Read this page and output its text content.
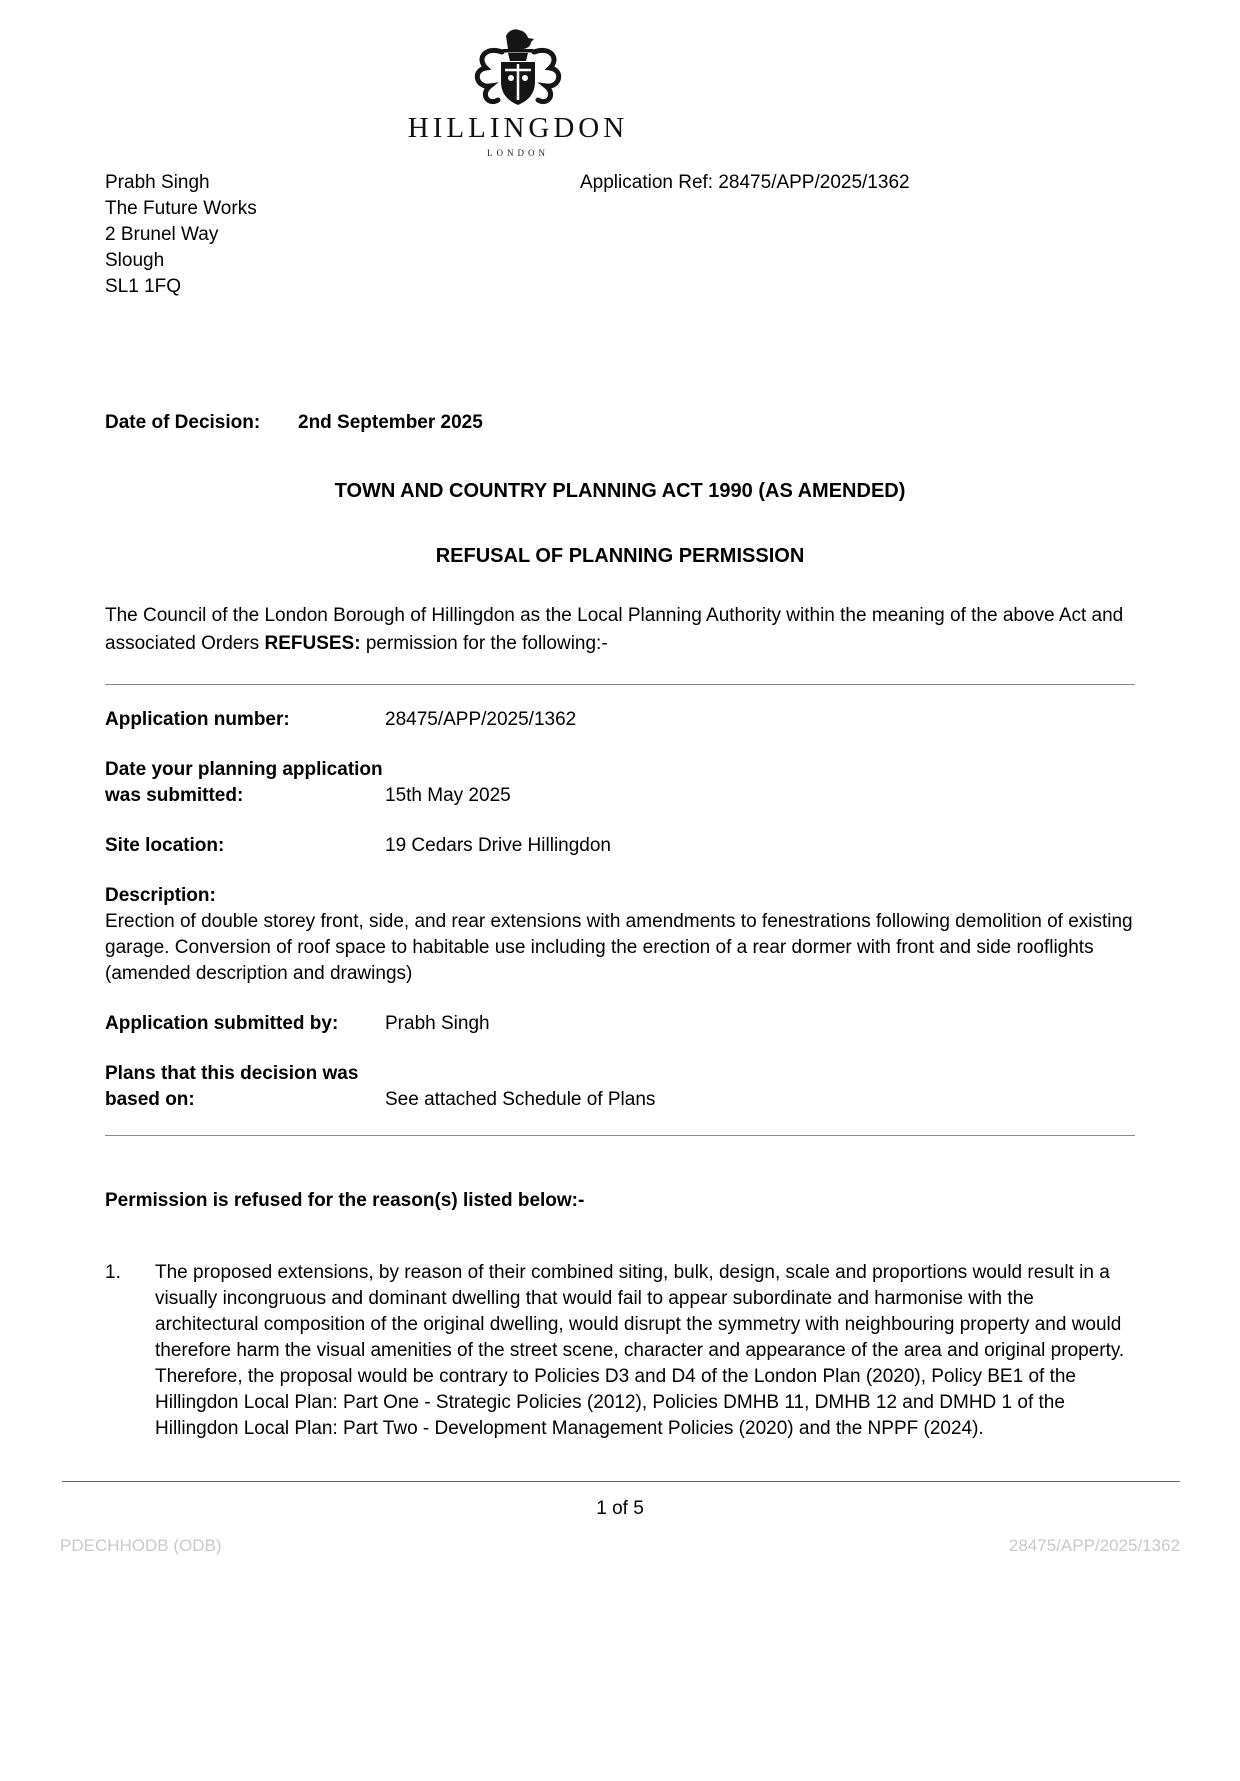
HILLINGDON
LONDON
Prabh Singh
The Future Works
2 Brunel Way
Slough
SL1 1FQ
Application Ref: 28475/APP/2025/1362
Date of Decision:	2nd September 2025
TOWN AND COUNTRY PLANNING ACT 1990 (AS AMENDED)
REFUSAL OF PLANNING PERMISSION

The Council of the London Borough of Hillingdon as the Local Planning Authority within the meaning of the above Act and associated Orders REFUSES: permission for the following:-

Application number:	28475/APP/2025/1362
Date your planning application was submitted:	15th May 2025
Site location:	19 Cedars Drive Hillingdon
Description:
Erection of double storey front, side, and rear extensions with amendments to fenestrations following demolition of existing garage. Conversion of roof space to habitable use including the erection of a rear dormer with front and side rooflights (amended description and drawings)
Application submitted by:	Prabh Singh
Plans that this decision was based on:	See attached Schedule of Plans
Permission is refused for the reason(s) listed below:-
1.	The proposed extensions, by reason of their combined siting, bulk, design, scale and proportions would result in a visually incongruous and dominant dwelling that would fail to appear subordinate and harmonise with the architectural composition of the original dwelling, would disrupt the symmetry with neighbouring property and would therefore harm the visual amenities of the street scene, character and appearance of the area and original property. Therefore, the proposal would be contrary to Policies D3 and D4 of the London Plan (2020), Policy BE1 of the Hillingdon Local Plan: Part One - Strategic Policies (2012), Policies DMHB 11, DMHB 12 and DMHD 1 of the Hillingdon Local Plan: Part Two - Development Management Policies (2020) and the NPPF (2024).
1 of 5
PDECHHODB (ODB)	28475/APP/2025/1362
